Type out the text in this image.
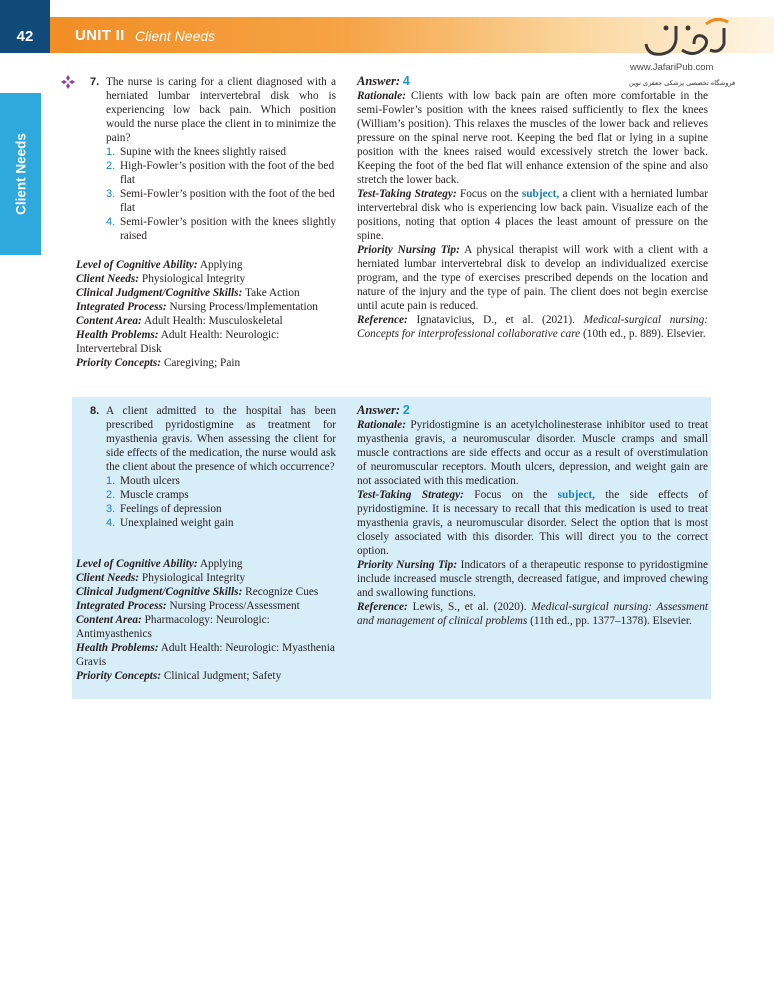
42	UNIT II Client Needs
www.JafariPub.com
فروشگاه تخصصی پزشکی جعفری نوین
Client Needs
7. The nurse is caring for a client diagnosed with a herniated lumbar intervertebral disk who is experiencing low back pain. Which position would the nurse place the client in to minimize the pain?
1. Supine with the knees slightly raised
2. High-Fowler’s position with the foot of the bed flat
3. Semi-Fowler’s position with the foot of the bed flat
4. Semi-Fowler’s position with the knees slightly raised

Level of Cognitive Ability: Applying

Client Needs: Physiological Integrity

Clinical Judgment/Cognitive Skills: Take Action

Integrated Process: Nursing Process/Implementation

Content Area: Adult Health: Musculoskeletal

Health Problems: Adult Health: Neurologic: Intervertebral Disk

Priority Concepts: Caregiving; Pain

Answer: 4

Rationale: Clients with low back pain are often more comfortable in the semi-Fowler’s position with the knees raised sufficiently to flex the knees (William’s position). This relaxes the muscles of the lower back and relieves pressure on the spinal nerve root. Keeping the bed flat or lying in a supine position with the knees raised would excessively stretch the lower back. Keeping the foot of the bed flat will enhance extension of the spine and also stretch the lower back.

Test-Taking Strategy: Focus on the subject, a client with a herniated lumbar intervertebral disk who is experiencing low back pain. Visualize each of the positions, noting that option 4 places the least amount of pressure on the spine.

Priority Nursing Tip: A physical therapist will work with a client with a herniated lumbar intervertebral disk to develop an individualized exercise program, and the type of exercises prescribed depends on the location and nature of the injury and the type of pain. The client does not begin exercise until acute pain is reduced.

Reference: Ignatavicius, D., et al. (2021). Medical-surgical nursing: Concepts for interprofessional collaborative care (10th ed., p. 889). Elsevier.

8. A client admitted to the hospital has been prescribed pyridostigmine as treatment for myasthenia gravis. When assessing the client for side effects of the medication, the nurse would ask the client about the presence of which occurrence?
1. Mouth ulcers
2. Muscle cramps
3. Feelings of depression
4. Unexplained weight gain

Level of Cognitive Ability: Applying

Client Needs: Physiological Integrity

Clinical Judgment/Cognitive Skills: Recognize Cues

Integrated Process: Nursing Process/Assessment

Content Area: Pharmacology: Neurologic: Antimyasthenics

Health Problems: Adult Health: Neurologic: Myasthenia Gravis

Priority Concepts: Clinical Judgment; Safety

Answer: 2

Rationale: Pyridostigmine is an acetylcholinesterase inhibitor used to treat myasthenia gravis, a neuromuscular disorder. Muscle cramps and small muscle contractions are side effects and occur as a result of overstimulation of neuromuscular receptors. Mouth ulcers, depression, and weight gain are not associated with this medication.

Test-Taking Strategy: Focus on the subject, the side effects of pyridostigmine. It is necessary to recall that this medication is used to treat myasthenia gravis, a neuromuscular disorder. Select the option that is most closely associated with this disorder. This will direct you to the correct option.

Priority Nursing Tip: Indicators of a therapeutic response to pyridostigmine include increased muscle strength, decreased fatigue, and improved chewing and swallowing functions.

Reference: Lewis, S., et al. (2020). Medical-surgical nursing: Assessment and management of clinical problems (11th ed., pp. 1377–1378). Elsevier.
